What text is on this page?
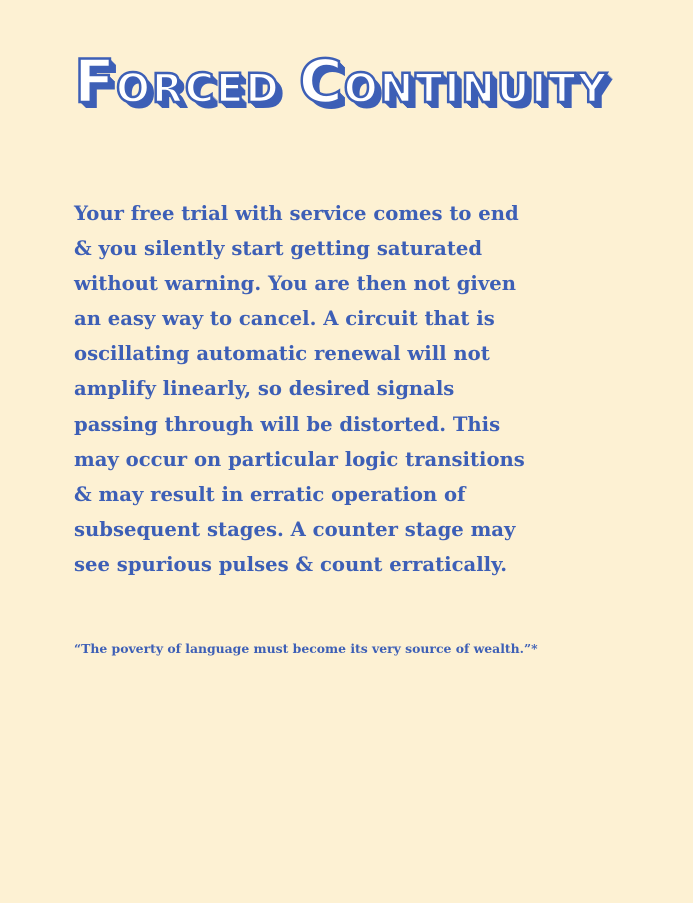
FORCED CONTINUITY

Your free trial with service comes to end
& you silently start getting saturated
without warning. You are then not given
an easy way to cancel. A circuit that is
oscillating automatic renewal will not
amplify linearly, so desired signals
passing through will be distorted. This
may occur on particular logic transitions
& may result in erratic operation of
subsequent stages. A counter stage may
see spurious pulses & count erratically.

“The poverty of language must become its very source of wealth.”*
